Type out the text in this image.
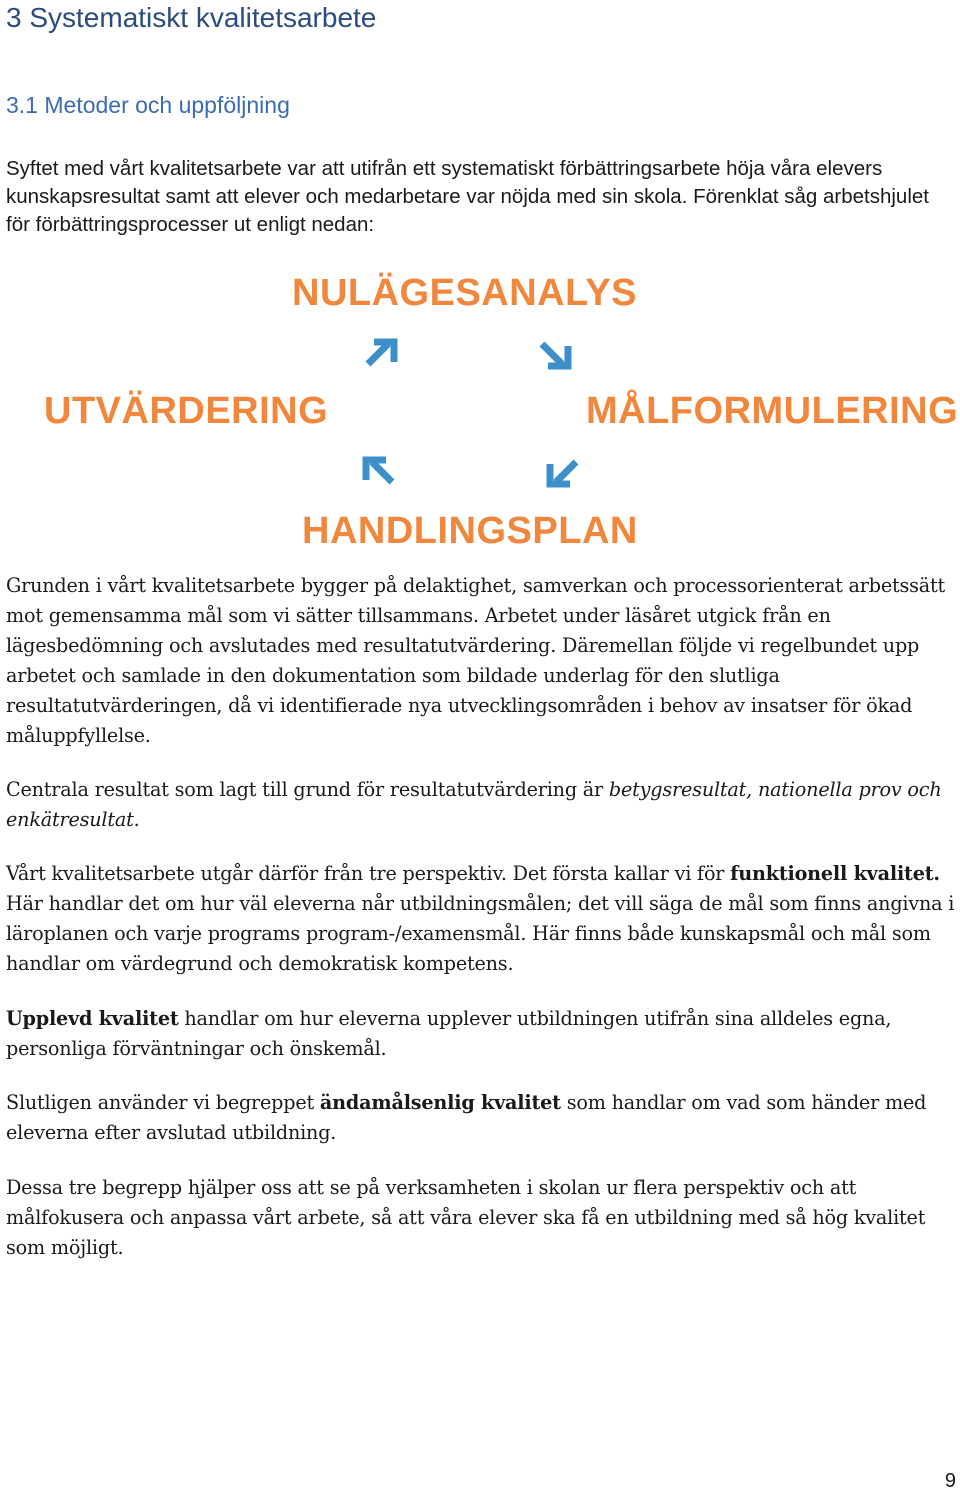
3 Systematiskt kvalitetsarbete
3.1 Metoder och uppföljning

Syftet med vårt kvalitetsarbete var att utifrån ett systematiskt förbättringsarbete höja våra elevers kunskapsresultat samt att elever och medarbetare var nöjda med sin skola. Förenklat såg arbetshjulet för förbättringsprocesser ut enligt nedan:

NULÄGESANALYS

MÅLFORMULERING

HANDLINGSPLAN

UTVÄRDERING

Grunden i vårt kvalitetsarbete bygger på delaktighet, samverkan och processorienterat arbetssätt mot gemensamma mål som vi sätter tillsammans. Arbetet under läsåret utgick från en lägesbedömning och avslutades med resultatutvärdering. Däremellan följde vi regelbundet upp arbetet och samlade in den dokumentation som bildade underlag för den slutliga resultatutvärderingen, då vi identifierade nya utvecklingsområden i behov av insatser för ökad måluppfyllelse.

Centrala resultat som lagt till grund för resultatutvärdering är betygsresultat, nationella prov och enkätresultat.

Vårt kvalitetsarbete utgår därför från tre perspektiv. Det första kallar vi för funktionell kvalitet. Här handlar det om hur väl eleverna når utbildningsmålen; det vill säga de mål som finns angivna i läroplanen och varje programs program-/examensmål. Här finns både kunskapsmål och mål som handlar om värdegrund och demokratisk kompetens.

Upplevd kvalitet handlar om hur eleverna upplever utbildningen utifrån sina alldeles egna, personliga förväntningar och önskemål.

Slutligen använder vi begreppet ändamålsenlig kvalitet som handlar om vad som händer med eleverna efter avslutad utbildning.

Dessa tre begrepp hjälper oss att se på verksamheten i skolan ur flera perspektiv och att målfokusera och anpassa vårt arbete, så att våra elever ska få en utbildning med så hög kvalitet som möjligt.

9
